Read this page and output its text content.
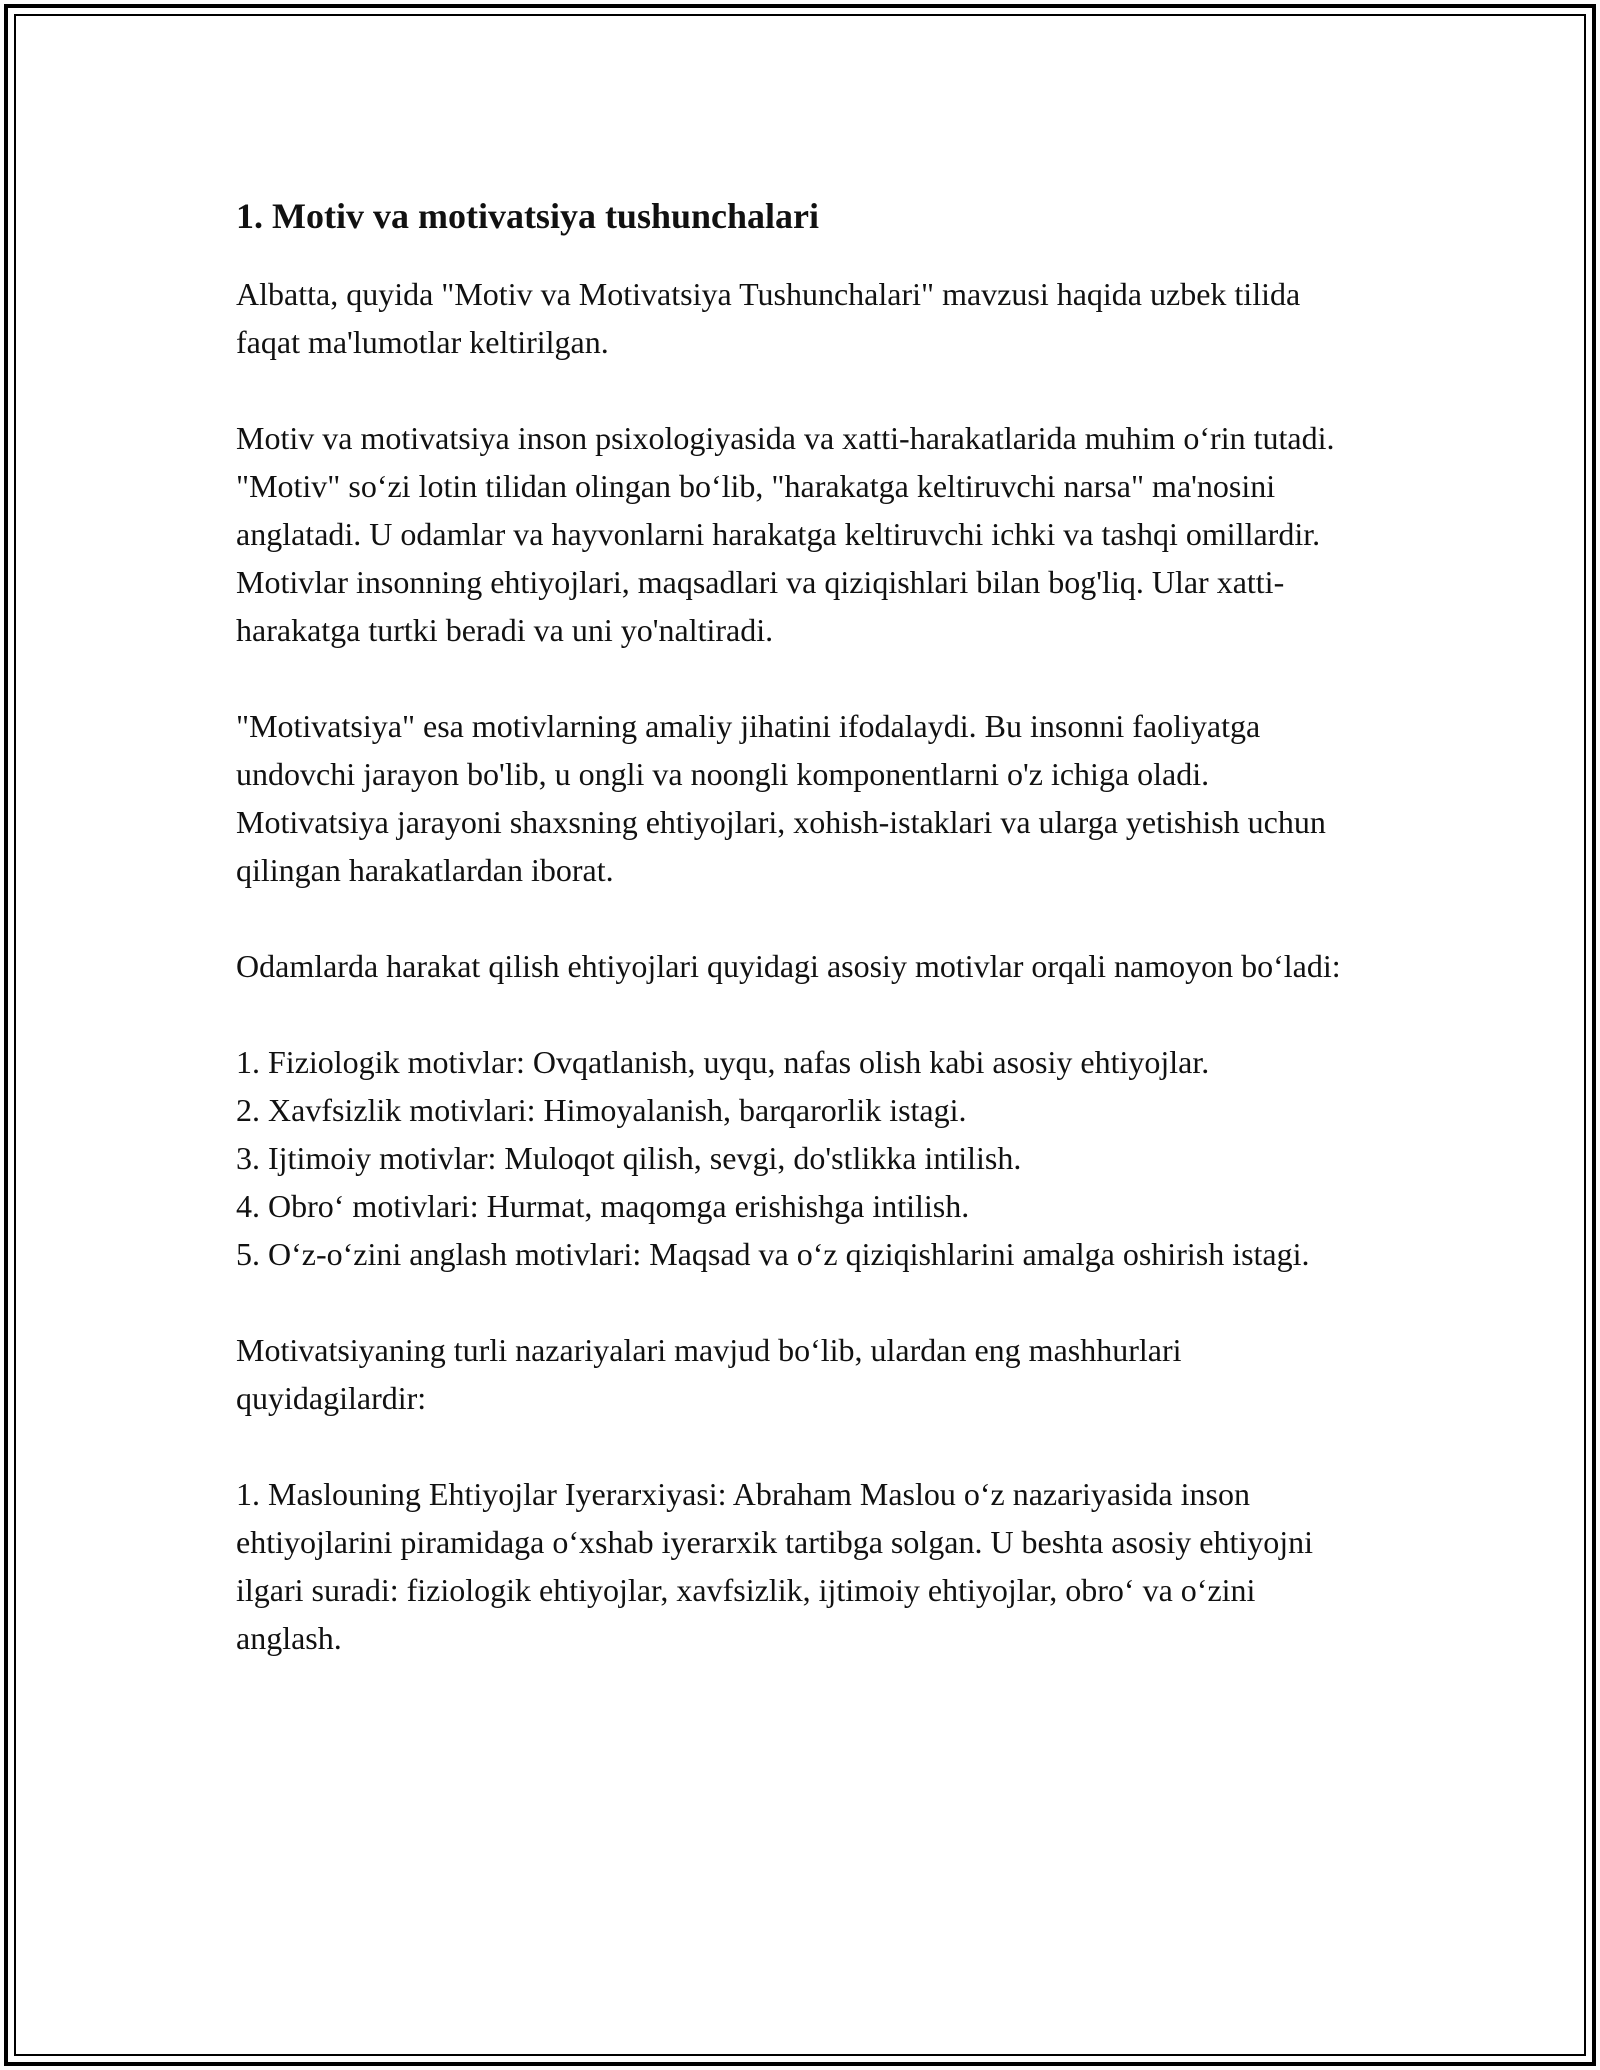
1. Motiv va motivatsiya tushunchalari

Albatta, quyida "Motiv va Motivatsiya Tushunchalari" mavzusi haqida uzbek tilida faqat ma'lumotlar keltirilgan.

Motiv va motivatsiya inson psixologiyasida va xatti-harakatlarida muhim o‘rin tutadi. "Motiv" so‘zi lotin tilidan olingan bo‘lib, "harakatga keltiruvchi narsa" ma'nosini anglatadi. U odamlar va hayvonlarni harakatga keltiruvchi ichki va tashqi omillardir. Motivlar insonning ehtiyojlari, maqsadlari va qiziqishlari bilan bog'liq. Ular xatti-harakatga turtki beradi va uni yo'naltiradi.

"Motivatsiya" esa motivlarning amaliy jihatini ifodalaydi. Bu insonni faoliyatga undovchi jarayon bo'lib, u ongli va noongli komponentlarni o'z ichiga oladi. Motivatsiya jarayoni shaxsning ehtiyojlari, xohish-istaklari va ularga yetishish uchun qilingan harakatlardan iborat.

Odamlarda harakat qilish ehtiyojlari quyidagi asosiy motivlar orqali namoyon bo‘ladi:

1. Fiziologik motivlar: Ovqatlanish, uyqu, nafas olish kabi asosiy ehtiyojlar.
2. Xavfsizlik motivlari: Himoyalanish, barqarorlik istagi.
3. Ijtimoiy motivlar: Muloqot qilish, sevgi, do'stlikka intilish.
4. Obro‘ motivlari: Hurmat, maqomga erishishga intilish.
5. O‘z-o‘zini anglash motivlari: Maqsad va o‘z qiziqishlarini amalga oshirish istagi.

Motivatsiyaning turli nazariyalari mavjud bo‘lib, ulardan eng mashhurlari quyidagilardir:

1. Maslouning Ehtiyojlar Iyerarxiyasi: Abraham Maslou o‘z nazariyasida inson ehtiyojlarini piramidaga o‘xshab iyerarxik tartibga solgan. U beshta asosiy ehtiyojni ilgari suradi: fiziologik ehtiyojlar, xavfsizlik, ijtimoiy ehtiyojlar, obro‘ va o‘zini anglash.
